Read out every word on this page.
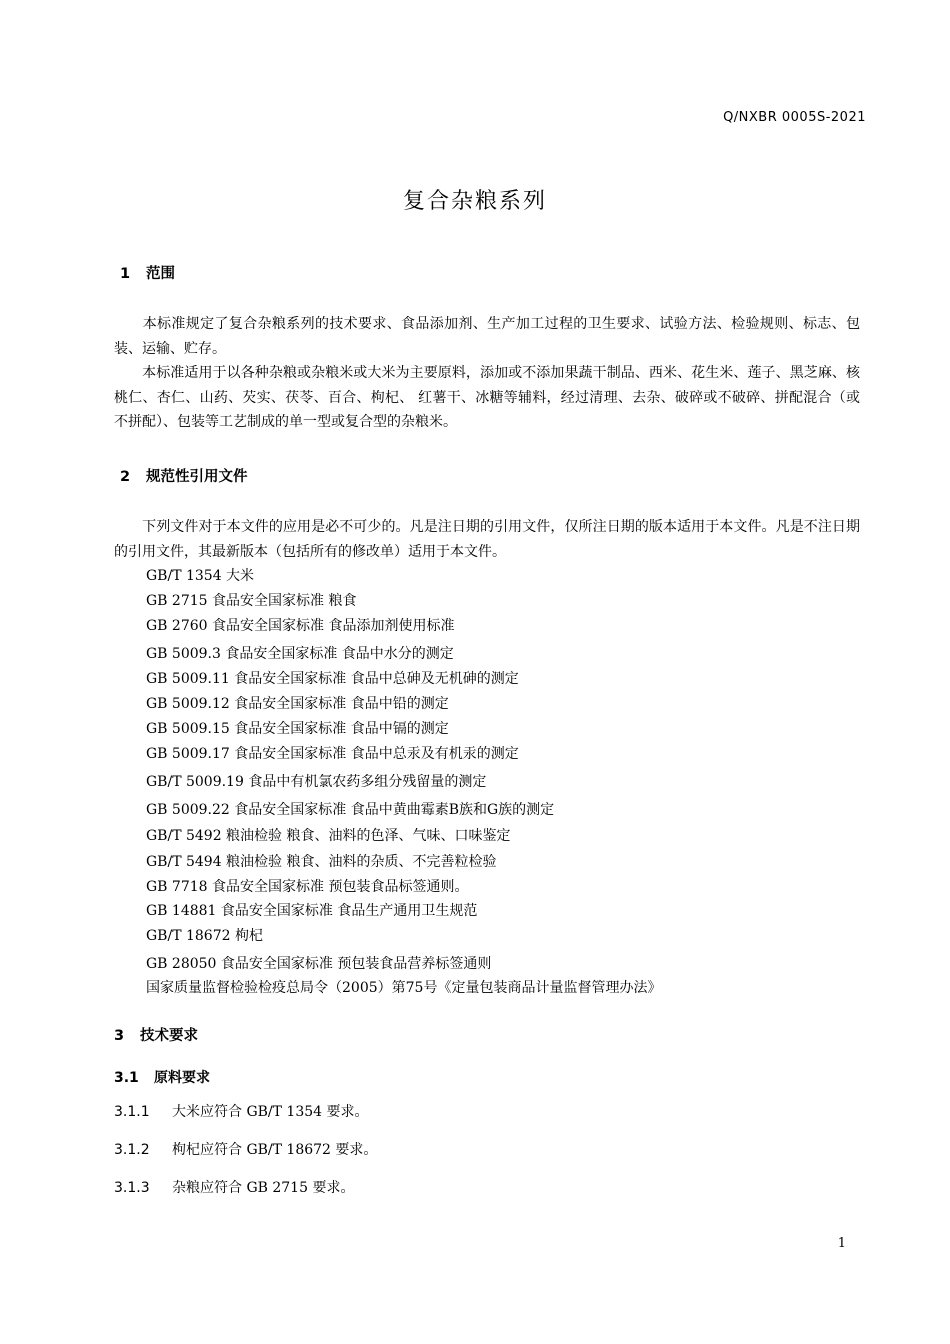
Q/NXBR 0005S-2021
复合杂粮系列
1 范围
　　本标准规定了复合杂粮系列的技术要求、食品添加剂、生产加工过程的卫生要求、试验方法、检验规则、标志、包装、运输、贮存。
　　本标准适用于以各种杂粮或杂粮米或大米为主要原料，添加或不添加果蔬干制品、西米、花生米、莲子、黑芝麻、核桃仁、杏仁、山药、芡实、茯苓、百合、枸杞、 红薯干、冰糖等辅料，经过清理、去杂、破碎或不破碎、拼配混合（或不拼配）、包装等工艺制成的单一型或复合型的杂粮米。
2 规范性引用文件
　　下列文件对于本文件的应用是必不可少的。凡是注日期的引用文件，仅所注日期的版本适用于本文件。凡是不注日期的引用文件，其最新版本（包括所有的修改单）适用于本文件。
GB/T 1354 大米
GB 2715 食品安全国家标准 粮食
GB 2760 食品安全国家标准 食品添加剂使用标准
GB 5009.3 食品安全国家标准 食品中水分的测定
GB 5009.11 食品安全国家标准 食品中总砷及无机砷的测定
GB 5009.12 食品安全国家标准 食品中铅的测定
GB 5009.15 食品安全国家标准 食品中镉的测定
GB 5009.17 食品安全国家标准 食品中总汞及有机汞的测定
GB/T 5009.19 食品中有机氯农药多组分残留量的测定
GB 5009.22 食品安全国家标准 食品中黄曲霉素B族和G族的测定
GB/T 5492 粮油检验 粮食、油料的色泽、气味、口味鉴定
GB/T 5494 粮油检验 粮食、油料的杂质、不完善粒检验
GB 7718 食品安全国家标准 预包装食品标签通则。
GB 14881 食品安全国家标准 食品生产通用卫生规范
GB/T 18672 枸杞
GB 28050 食品安全国家标准 预包装食品营养标签通则
国家质量监督检验检疫总局令（2005）第75号《定量包装商品计量监督管理办法》
3 技术要求
3.1 原料要求
3.1.1 大米应符合 GB/T 1354 要求。
3.1.2 枸杞应符合 GB/T 18672 要求。
3.1.3 杂粮应符合 GB 2715 要求。
1
